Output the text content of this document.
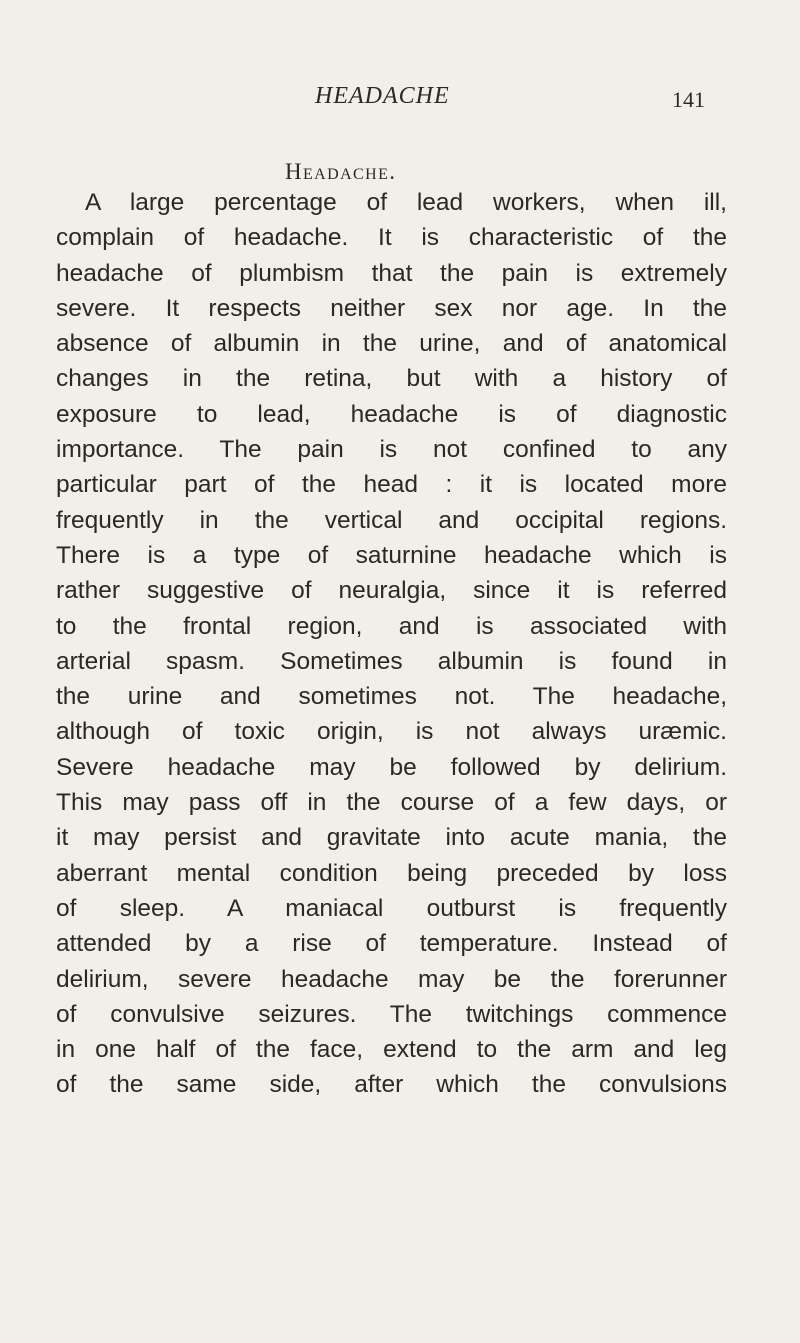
HEADACHE	141
Headache.
A large percentage of lead workers, when ill,
complain of headache. It is characteristic of the
headache of plumbism that the pain is extremely
severe. It respects neither sex nor age. In the
absence of albumin in the urine, and of anatomical
changes in the retina, but with a history of
exposure to lead, headache is of diagnostic
importance. The pain is not confined to any
particular part of the head : it is located more
frequently in the vertical and occipital regions.
There is a type of saturnine headache which is
rather suggestive of neuralgia, since it is referred
to the frontal region, and is associated with
arterial spasm. Sometimes albumin is found in
the urine and sometimes not. The headache,
although of toxic origin, is not always uræmic.
Severe headache may be followed by delirium.
This may pass off in the course of a few days, or
it may persist and gravitate into acute mania, the
aberrant mental condition being preceded by loss
of sleep. A maniacal outburst is frequently
attended by a rise of temperature. Instead of
delirium, severe headache may be the forerunner
of convulsive seizures. The twitchings commence
in one half of the face, extend to the arm and leg
of the same side, after which the convulsions
